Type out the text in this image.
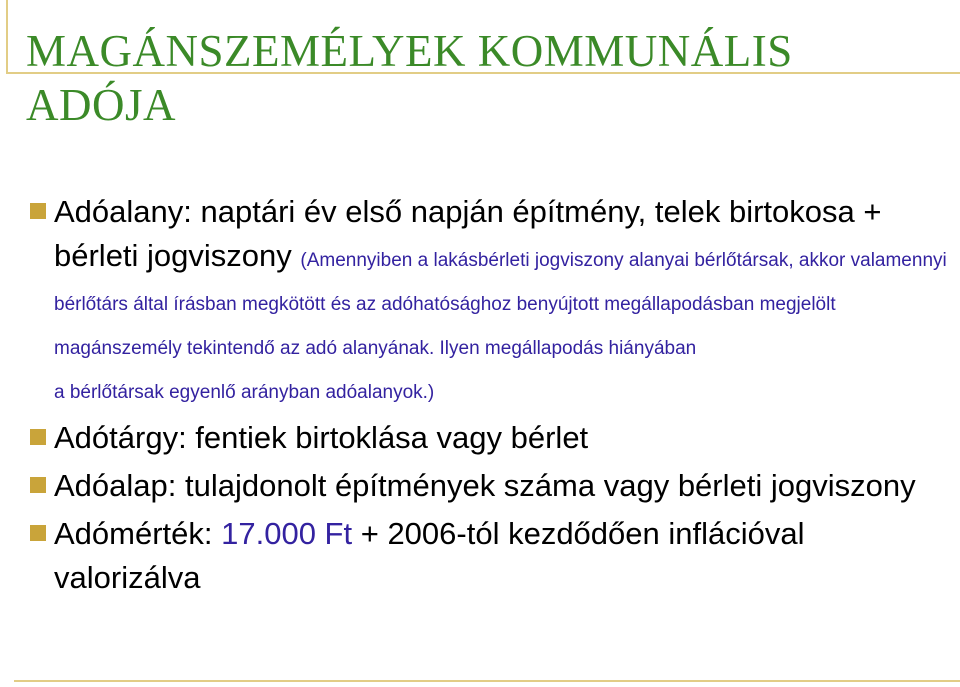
MAGÁNSZEMÉLYEK KOMMUNÁLIS ADÓJA
Adóalany: naptári év első napján építmény, telek birtokosa + bérleti jogviszony (Amennyiben a lakásbérleti jogviszony alanyai bérlőtársak, akkor valamennyi bérlőtárs által írásban megkötött és az adóhatósághoz benyújtott megállapodásban megjelölt magánszemély tekintendő az adó alanyának. Ilyen megállapodás hiányában
a bérlőtársak egyenlő arányban adóalanyok.)
Adótárgy: fentiek birtoklása vagy bérlet
Adóalap: tulajdonolt építmények száma vagy bérleti jogviszony
Adómérték: 17.000 Ft + 2006-tól kezdődően inflációval valorizálva
